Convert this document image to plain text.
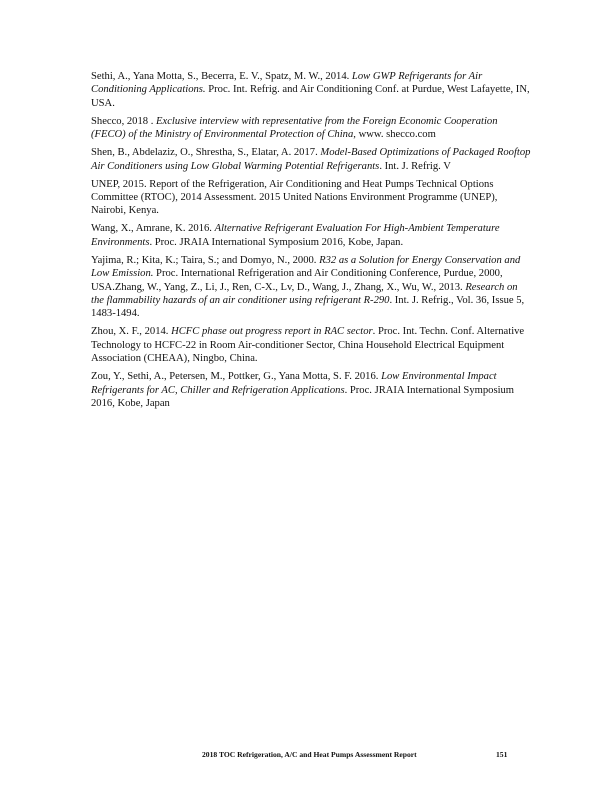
Sethi, A., Yana Motta, S., Becerra, E. V., Spatz, M. W., 2014. Low GWP Refrigerants for Air Conditioning Applications. Proc. Int. Refrig. and Air Conditioning Conf. at Purdue, West Lafayette, IN, USA.

Shecco, 2018 . Exclusive interview with representative from the Foreign Economic Cooperation (FECO) of the Ministry of Environmental Protection of China, www. shecco.com

Shen, B., Abdelaziz, O., Shrestha, S., Elatar, A. 2017. Model-Based Optimizations of Packaged Rooftop Air Conditioners using Low Global Warming Potential Refrigerants. Int. J. Refrig. V

UNEP, 2015. Report of the Refrigeration, Air Conditioning and Heat Pumps Technical Options Committee (RTOC), 2014 Assessment. 2015 United Nations Environment Programme (UNEP), Nairobi, Kenya.

Wang, X., Amrane, K. 2016. Alternative Refrigerant Evaluation For High-Ambient Temperature Environments. Proc. JRAIA International Symposium 2016, Kobe, Japan.

Yajima, R.; Kita, K.; Taira, S.; and Domyo, N., 2000. R32 as a Solution for Energy Conservation and Low Emission. Proc. International Refrigeration and Air Conditioning Conference, Purdue, 2000, USA.Zhang, W., Yang, Z., Li, J., Ren, C-X., Lv, D., Wang, J., Zhang, X., Wu, W., 2013. Research on the flammability hazards of an air conditioner using refrigerant R-290. Int. J. Refrig., Vol. 36, Issue 5, 1483-1494.

Zhou, X. F., 2014. HCFC phase out progress report in RAC sector. Proc. Int. Techn. Conf. Alternative Technology to HCFC-22 in Room Air-conditioner Sector, China Household Electrical Equipment Association (CHEAA), Ningbo, China.

Zou, Y., Sethi, A., Petersen, M., Pottker, G., Yana Motta, S. F. 2016. Low Environmental Impact Refrigerants for AC, Chiller and Refrigeration Applications. Proc. JRAIA International Symposium 2016, Kobe, Japan

2018 TOC Refrigeration, A/C and Heat Pumps Assessment Report	151
